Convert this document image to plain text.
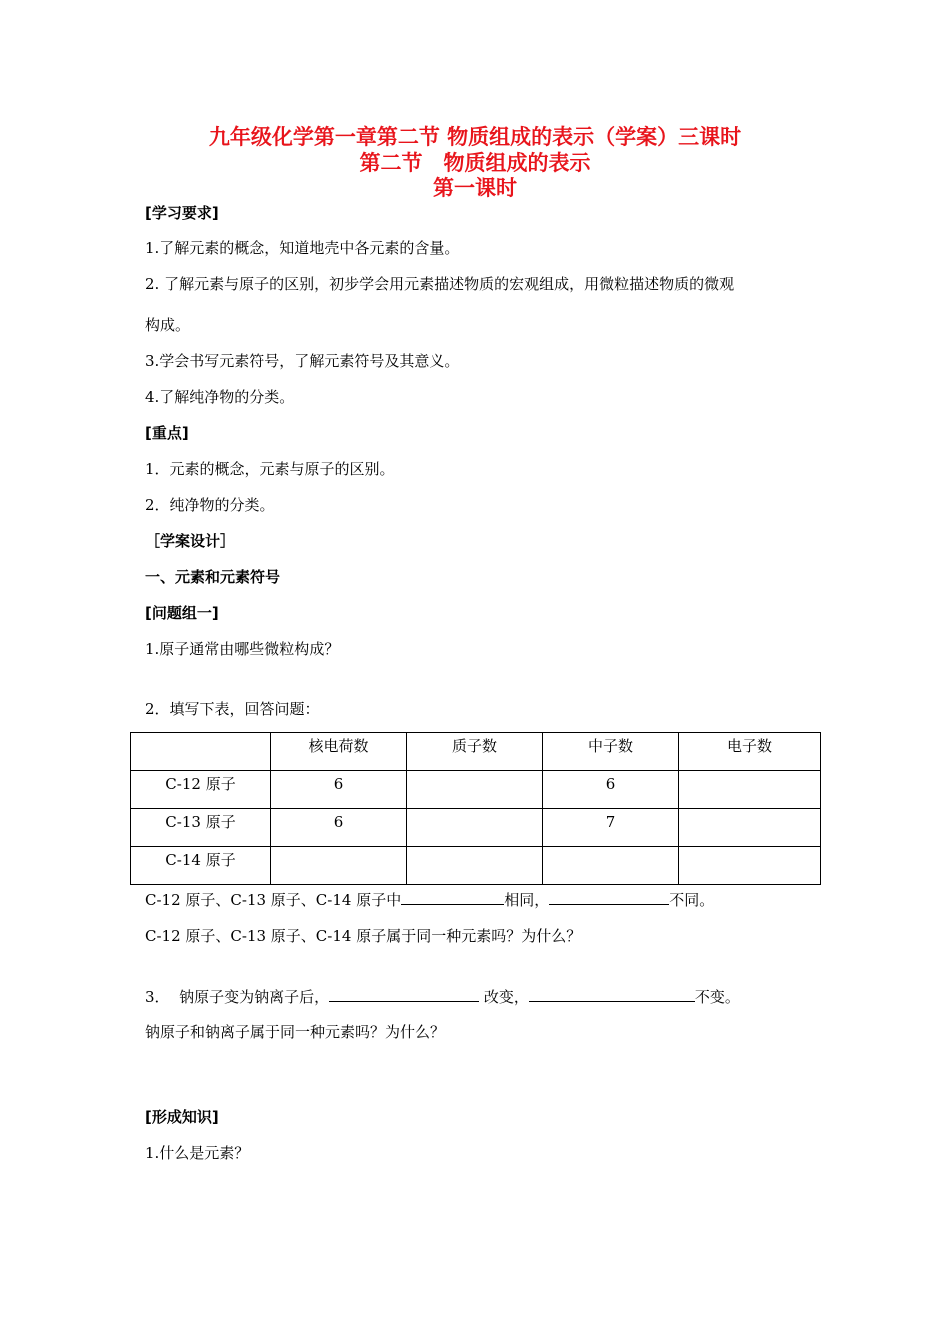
九年级化学第一章第二节 物质组成的表示（学案）三课时
第二节　物质组成的表示
第一课时
[学习要求]
1.了解元素的概念，知道地壳中各元素的含量。
2. 了解元素与原子的区别，初步学会用元素描述物质的宏观组成，用微粒描述物质的微观
构成。
3.学会书写元素符号，了解元素符号及其意义。
4.了解纯净物的分类。
[重点]
1．元素的概念，元素与原子的区别。
2．纯净物的分类。
［学案设计］
一、元素和元素符号
[问题组一]
1.原子通常由哪些微粒构成？
2．填写下表，回答问题：
	核电荷数	质子数	中子数	电子数
C-12 原子	6		6	
C-13 原子	6		7	
C-14 原子				
C-12 原子、C-13 原子、C-14 原子中	相同，	不同。
C-12 原子、C-13 原子、C-14 原子属于同一种元素吗？为什么？
3．  钠原子变为钠离子后，	改变，	不变。
钠原子和钠离子属于同一种元素吗？为什么？
[形成知识]
1.什么是元素？
